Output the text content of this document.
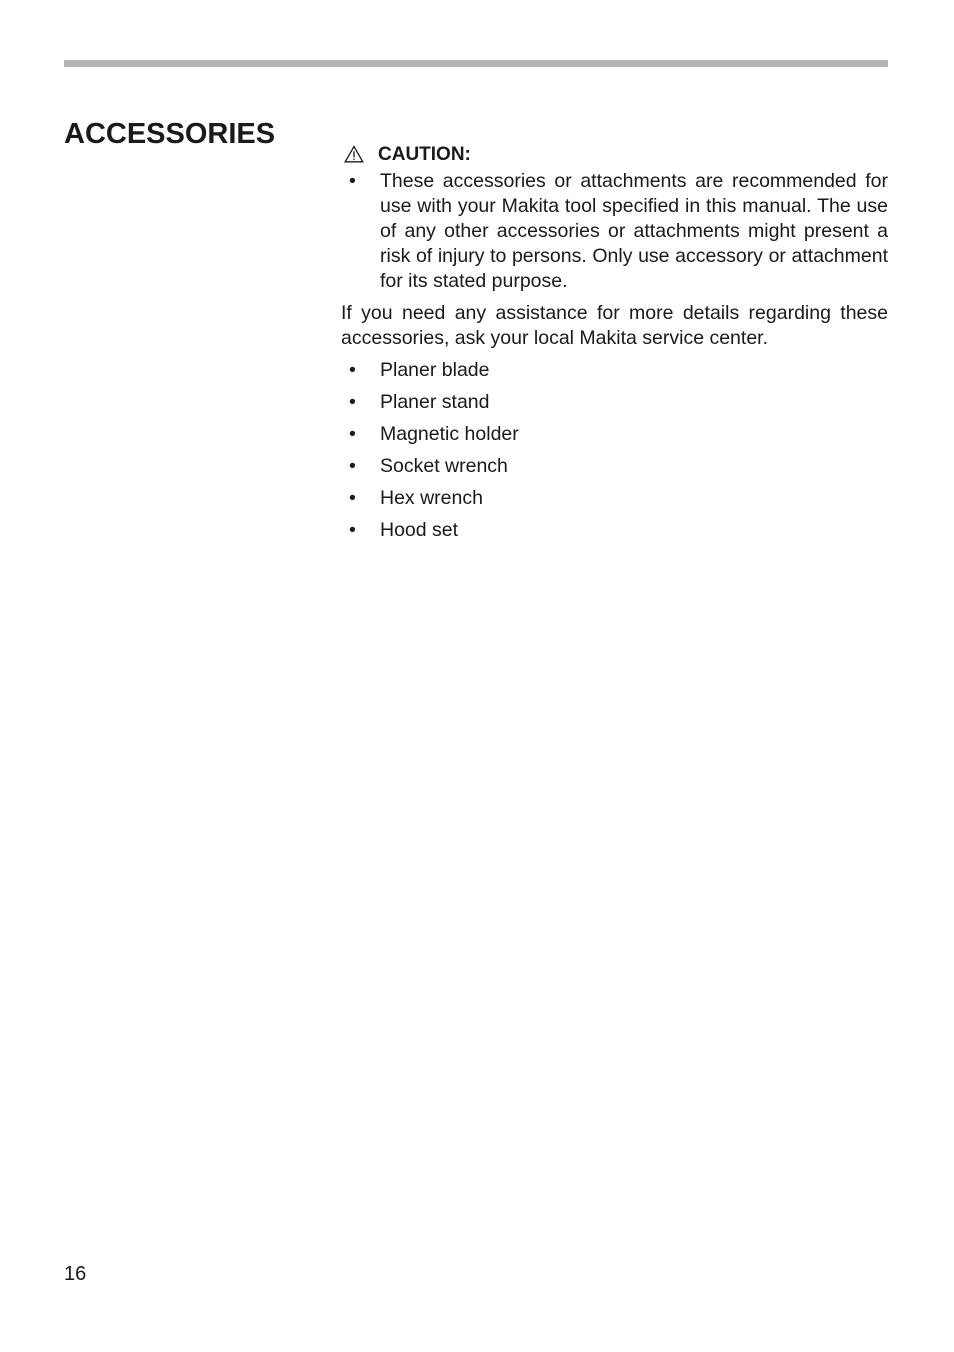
ACCESSORIES
CAUTION:
• These accessories or attachments are recommended for use with your Makita tool specified in this manual. The use of any other accessories or attachments might present a risk of injury to persons. Only use accessory or attachment for its stated purpose.

If you need any assistance for more details regarding these accessories, ask your local Makita service center.

• Planer blade
• Planer stand
• Magnetic holder
• Socket wrench
• Hex wrench
• Hood set
16
